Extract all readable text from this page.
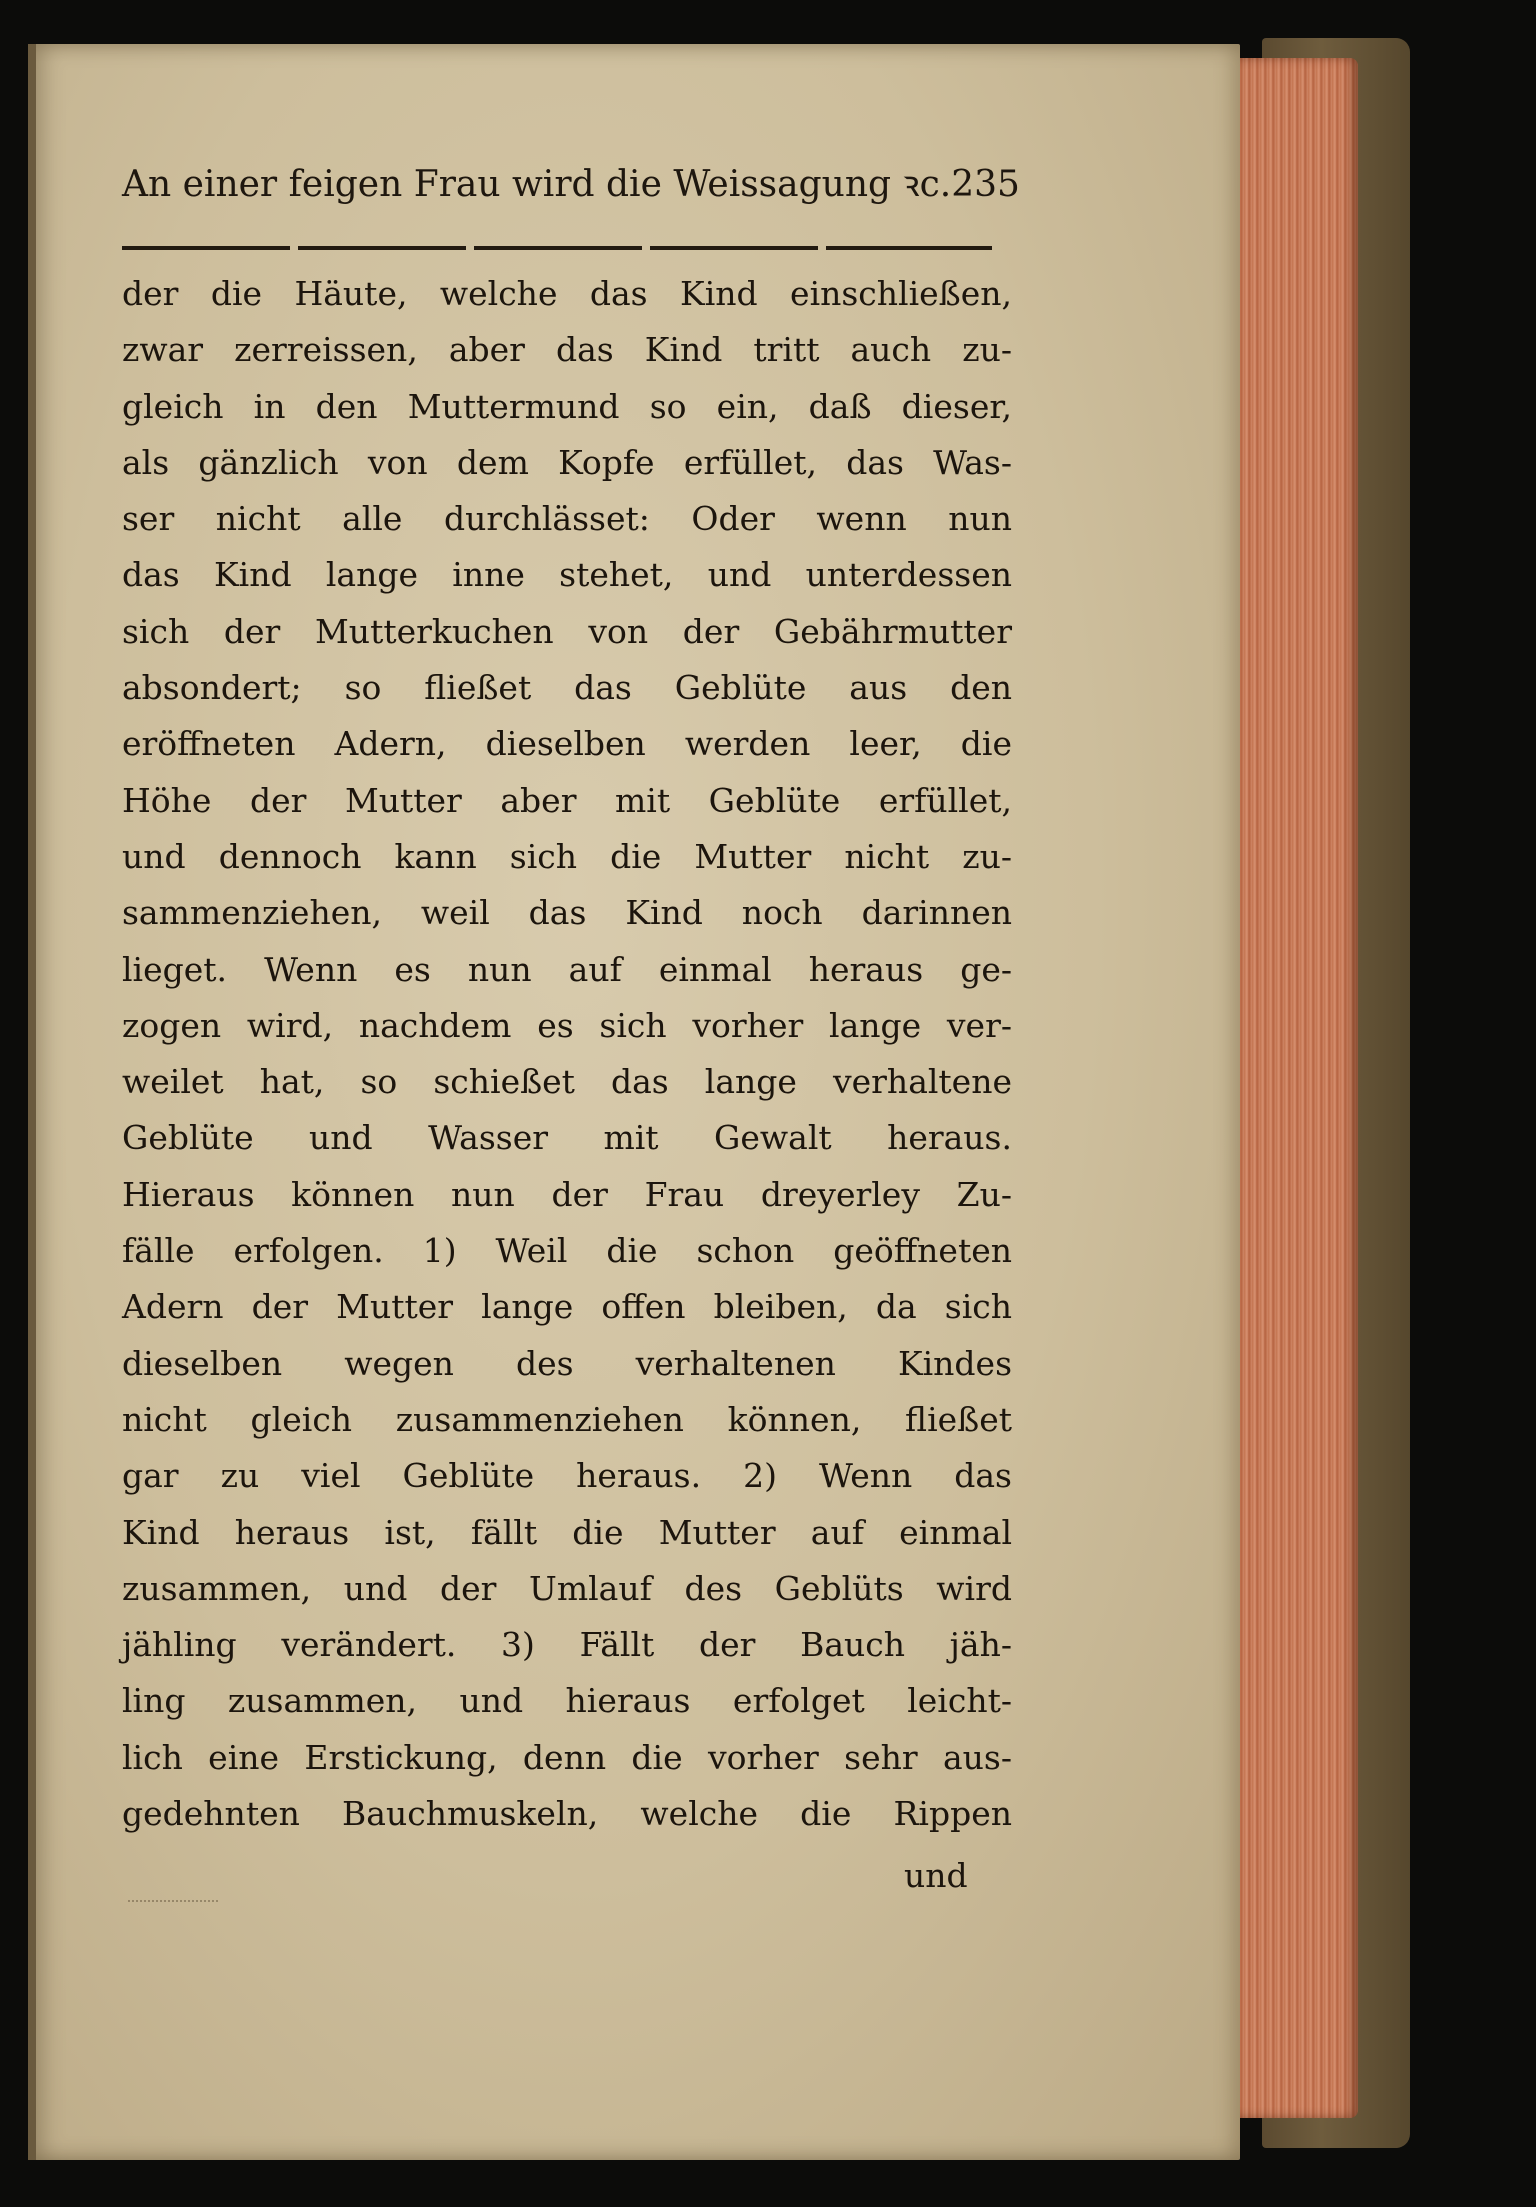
An einer feigen Frau wird die Weissagung ꝛc. 235
der die Häute, welche das Kind einschließen,
zwar zerreissen, aber das Kind tritt auch zu-
gleich in den Muttermund so ein, daß dieser,
als gänzlich von dem Kopfe erfüllet, das Was-
ser nicht alle durchlässet: Oder wenn nun
das Kind lange inne stehet, und unterdessen
sich der Mutterkuchen von der Gebährmutter
absondert; so fließet das Geblüte aus den
eröffneten Adern, dieselben werden leer, die
Höhe der Mutter aber mit Geblüte erfüllet,
und dennoch kann sich die Mutter nicht zu-
sammenziehen, weil das Kind noch darinnen
lieget. Wenn es nun auf einmal heraus ge-
zogen wird, nachdem es sich vorher lange ver-
weilet hat, so schießet das lange verhaltene
Geblüte und Wasser mit Gewalt heraus.
Hieraus können nun der Frau dreyerley Zu-
fälle erfolgen. 1) Weil die schon geöffneten
Adern der Mutter lange offen bleiben, da sich
dieselben wegen des verhaltenen Kindes
nicht gleich zusammenziehen können, fließet
gar zu viel Geblüte heraus. 2) Wenn das
Kind heraus ist, fällt die Mutter auf einmal
zusammen, und der Umlauf des Geblüts wird
jähling verändert. 3) Fällt der Bauch jäh-
ling zusammen, und hieraus erfolget leicht-
lich eine Erstickung, denn die vorher sehr aus-
gedehnten Bauchmuskeln, welche die Rippen
und
